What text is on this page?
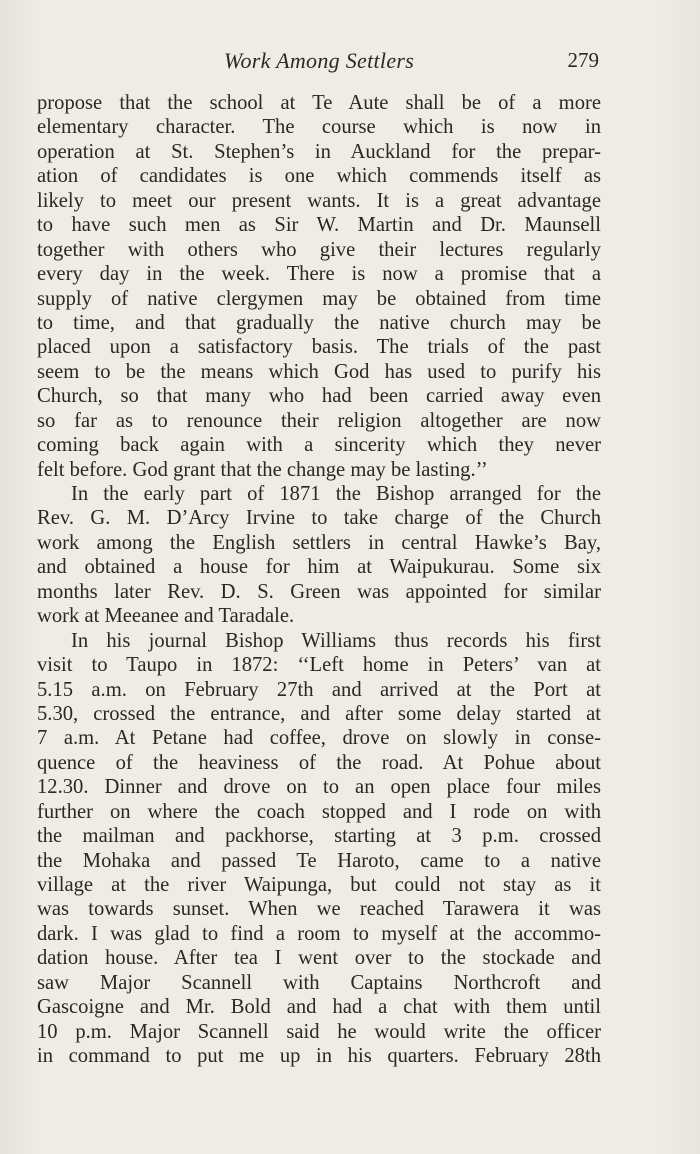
Work Among Settlers	279
propose that the school at Te Aute shall be of a more
elementary character. The course which is now in
operation at St. Stephen’s in Auckland for the prepar-
ation of candidates is one which commends itself as
likely to meet our present wants. It is a great advantage
to have such men as Sir W. Martin and Dr. Maunsell
together with others who give their lectures regularly
every day in the week. There is now a promise that a
supply of native clergymen may be obtained from time
to time, and that gradually the native church may be
placed upon a satisfactory basis. The trials of the past
seem to be the means which God has used to purify his
Church, so that many who had been carried away even
so far as to renounce their religion altogether are now
coming back again with a sincerity which they never
felt before. God grant that the change may be lasting.’’
In the early part of 1871 the Bishop arranged for the
Rev. G. M. D’Arcy Irvine to take charge of the Church
work among the English settlers in central Hawke’s Bay,
and obtained a house for him at Waipukurau. Some six
months later Rev. D. S. Green was appointed for similar
work at Meeanee and Taradale.
In his journal Bishop Williams thus records his first
visit to Taupo in 1872: ‘‘Left home in Peters’ van at
5.15 a.m. on February 27th and arrived at the Port at
5.30, crossed the entrance, and after some delay started at
7 a.m. At Petane had coffee, drove on slowly in conse-
quence of the heaviness of the road. At Pohue about
12.30. Dinner and drove on to an open place four miles
further on where the coach stopped and I rode on with
the mailman and packhorse, starting at 3 p.m. crossed
the Mohaka and passed Te Haroto, came to a native
village at the river Waipunga, but could not stay as it
was towards sunset. When we reached Tarawera it was
dark. I was glad to find a room to myself at the accommo-
dation house. After tea I went over to the stockade and
saw Major Scannell with Captains Northcroft and
Gascoigne and Mr. Bold and had a chat with them until
10 p.m. Major Scannell said he would write the officer
in command to put me up in his quarters. February 28th
